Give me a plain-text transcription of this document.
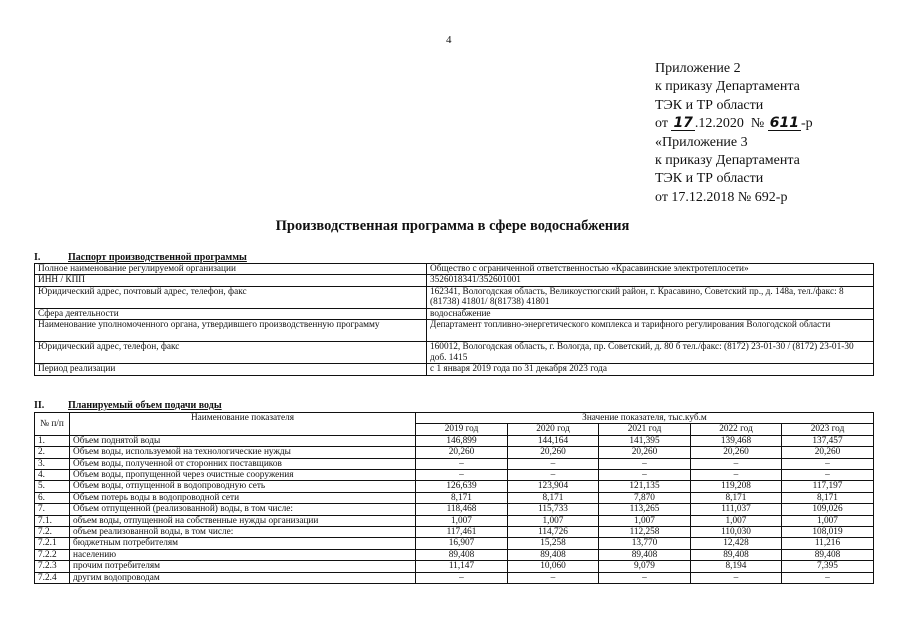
4
Приложение 2
к приказу Департамента
ТЭК и ТР области
от 17 .12.2020 № 611 -р
«Приложение 3
к приказу Департамента
ТЭК и ТР области
от 17.12.2018 № 692-р
Производственная программа в сфере водоснабжения
I.	Паспорт производственной программы
Полное наименование регулируемой организации	Общество с ограниченной ответственностью «Красавинские электротеплосети»
ИНН / КПП	3526018341/352601001
Юридический адрес, почтовый адрес, телефон, факс	162341, Вологодская область, Великоустюгский район, г. Красавино, Советский пр., д. 148а, тел./факс: 8 (81738) 41801/ 8(81738) 41801
Сфера деятельности	водоснабжение
Наименование уполномоченного органа, утвердившего производственную программу	Департамент топливно-энергетического комплекса и тарифного регулирования Вологодской области
Юридический адрес, телефон, факс	160012, Вологодская область, г. Вологда, пр. Советский, д. 80 б тел./факс: (8172) 23-01-30 / (8172) 23-01-30 доб. 1415
Период реализации	с 1 января 2019 года по 31 декабря 2023 года
II. Планируемый объем подачи воды
№ п/п	Наименование показателя	Значение показателя, тыс.куб.м				
		2019 год	2020 год	2021 год	2022 год	2023 год
1.	Объем поднятой воды	146,899	144,164	141,395	139,468	137,457
2.	Объем воды, используемой на технологические нужды	20,260	20,260	20,260	20,260	20,260
3.	Объем воды, полученной от сторонних поставщиков	–	–	–	–	–
4.	Объем воды, пропущенной через очистные сооружения	–	–	–	–	–
5.	Объем воды, отпущенной в водопроводную сеть	126,639	123,904	121,135	119,208	117,197
6.	Объем потерь воды в водопроводной сети	8,171	8,171	7,870	8,171	8,171
7.	Объем отпущенной (реализованной) воды, в том числе:	118,468	115,733	113,265	111,037	109,026
7.1.	объем воды, отпущенной на собственные нужды организации	1,007	1,007	1,007	1,007	1,007
7.2.	объем реализованной воды, в том числе:	117,461	114,726	112,258	110,030	108,019
7.2.1	бюджетным потребителям	16,907	15,258	13,770	12,428	11,216
7.2.2	населению	89,408	89,408	89,408	89,408	89,408
7.2.3	прочим потребителям	11,147	10,060	9,079	8,194	7,395
7.2.4	другим водопроводам	–	–	–	–	–
